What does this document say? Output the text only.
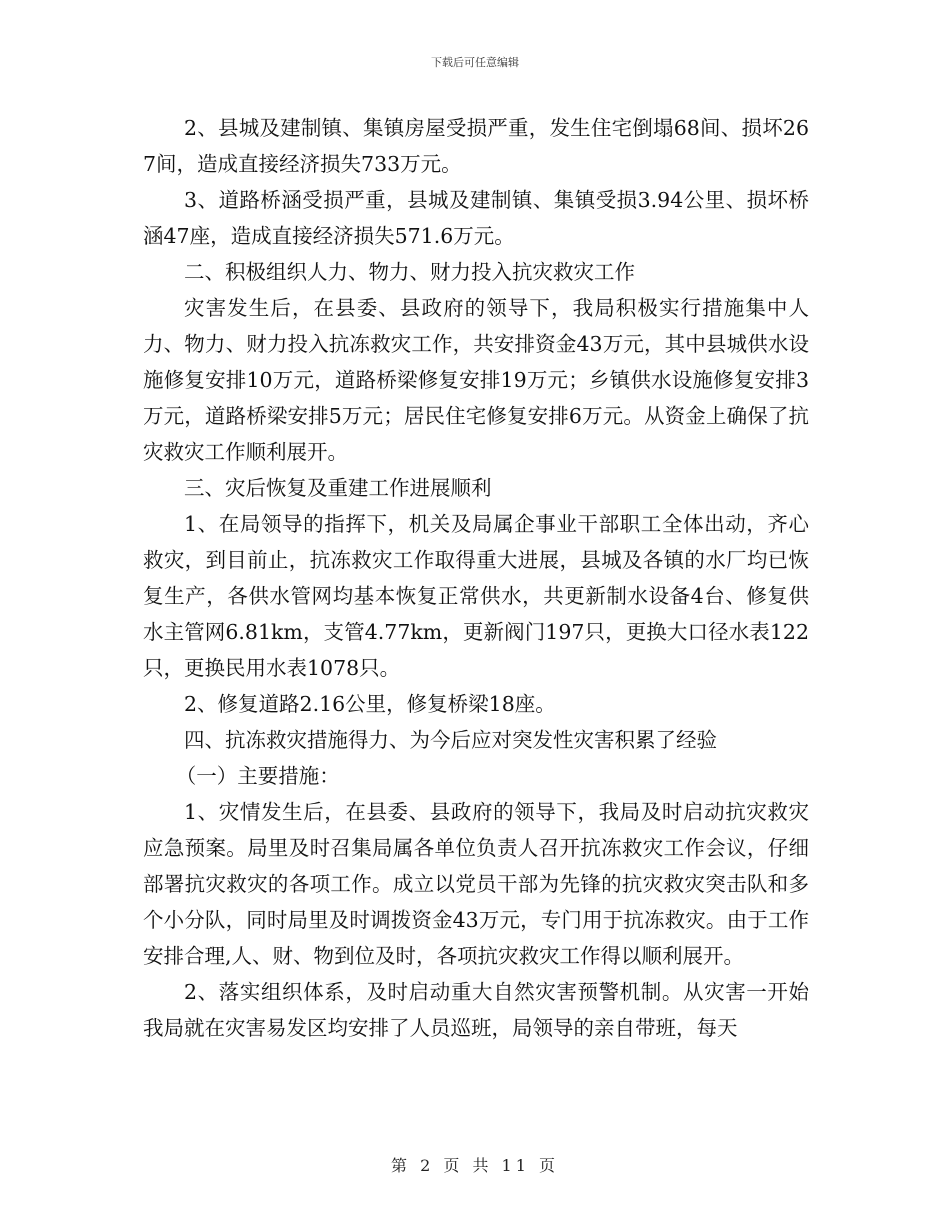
下载后可任意编辑

2、县城及建制镇、集镇房屋受损严重，发生住宅倒塌68间、损坏267间，造成直接经济损失733万元。

3、道路桥涵受损严重，县城及建制镇、集镇受损3.94公里、损坏桥涵47座，造成直接经济损失571.6万元。

二、积极组织人力、物力、财力投入抗灾救灾工作

灾害发生后，在县委、县政府的领导下，我局积极实行措施集中人力、物力、财力投入抗冻救灾工作，共安排资金43万元，其中县城供水设施修复安排10万元，道路桥梁修复安排19万元；乡镇供水设施修复安排3万元，道路桥梁安排5万元；居民住宅修复安排6万元。从资金上确保了抗灾救灾工作顺利展开。

三、灾后恢复及重建工作进展顺利

1、在局领导的指挥下，机关及局属企事业干部职工全体出动，齐心救灾，到目前止，抗冻救灾工作取得重大进展，县城及各镇的水厂均已恢复生产，各供水管网均基本恢复正常供水，共更新制水设备4台、修复供水主管网6.81km，支管4.77km，更新阀门197只，更换大口径水表122只，更换民用水表1078只。

2、修复道路2.16公里，修复桥梁18座。

四、抗冻救灾措施得力、为今后应对突发性灾害积累了经验

（一）主要措施：

1、灾情发生后，在县委、县政府的领导下，我局及时启动抗灾救灾应急预案。局里及时召集局属各单位负责人召开抗冻救灾工作会议，仔细部署抗灾救灾的各项工作。成立以党员干部为先锋的抗灾救灾突击队和多个小分队，同时局里及时调拨资金43万元，专门用于抗冻救灾。由于工作安排合理,人、财、物到位及时，各项抗灾救灾工作得以顺利展开。

2、落实组织体系，及时启动重大自然灾害预警机制。从灾害一开始我局就在灾害易发区均安排了人员巡班，局领导的亲自带班，每天

第 2 页 共 11 页
